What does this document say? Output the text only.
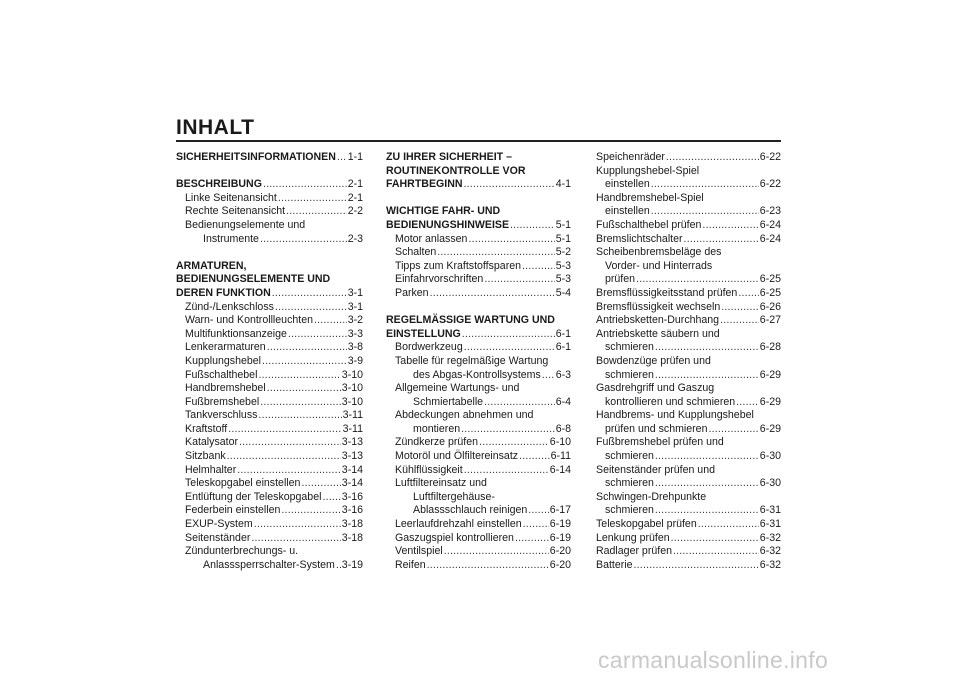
INHALT
SICHERHEITSINFORMATIONEN ..... 1-1
BESCHREIBUNG .....	2-1
Linke Seitenansicht .....	2-1
Rechte Seitenansicht .....	2-2
Bedienungselemente und
Instrumente .....	2-3
ARMATUREN,
BEDIENUNGSELEMENTE UND
DEREN FUNKTION .....	3-1
Zünd-/Lenkschloss .....	3-1
Warn- und Kontrollleuchten .....	3-2
Multifunktionsanzeige .....	3-3
Lenkerarmaturen .....	3-8
Kupplungshebel .....	3-9
Fußschalthebel .....	3-10
Handbremshebel .....	3-10
Fußbremshebel .....	3-10
Tankverschluss .....	3-11
Kraftstoff .....	3-11
Katalysator .....	3-13
Sitzbank .....	3-13
Helmhalter .....	3-14
Teleskopgabel einstellen .....	3-14
Entlüftung der Teleskopgabel ..... 3-16
Federbein einstellen .....	3-16
EXUP-System .....	3-18
Seitenständer .....	3-18
Zündunterbrechungs- u.
Anlasssperrschalter-System ..... 3-19
ZU IHRER SICHERHEIT –
ROUTINEKONTROLLE VOR
FAHRTBEGINN .....	4-1
WICHTIGE FAHR- UND
BEDIENUNGSHINWEISE .....	5-1
Motor anlassen .....	5-1
Schalten .....	5-2
Tipps zum Kraftstoffsparen .....	5-3
Einfahrvorschriften .....	5-3
Parken .....	5-4
REGELMÄSSIGE WARTUNG UND
EINSTELLUNG .....	6-1
Bordwerkzeug .....	6-1
Tabelle für regelmäßige Wartung
des Abgas-Kontrollsystems ..... 6-3
Allgemeine Wartungs- und
Schmiertabelle .....	6-4
Abdeckungen abnehmen und
montieren .....	6-8
Zündkerze prüfen .....	6-10
Motoröl und Ölfiltereinsatz .....	6-11
Kühlflüssigkeit .....	6-14
Luftfiltereinsatz und
Luftfiltergehäuse-
Ablassschlauch reinigen ..... 6-17
Leerlaufdrehzahl einstellen .....	6-19
Gaszugspiel kontrollieren .....	6-19
Ventilspiel .....	6-20
Reifen .....	6-20
Speichenräder .....	6-22
Kupplungshebel-Spiel
einstellen .....	6-22
Handbremshebel-Spiel
einstellen .....	6-23
Fußschalthebel prüfen .....	6-24
Bremslichtschalter .....	6-24
Scheibenbremsbeläge des
Vorder- und Hinterrads
prüfen .....	6-25
Bremsflüssigkeitsstand prüfen ..... 6-25
Bremsflüssigkeit wechseln .....	6-26
Antriebsketten-Durchhang .....	6-27
Antriebskette säubern und
schmieren .....	6-28
Bowdenzüge prüfen und
schmieren .....	6-29
Gasdrehgriff und Gaszug
kontrollieren und schmieren ..... 6-29
Handbrems- und Kupplungshebel
prüfen und schmieren .....	6-29
Fußbremshebel prüfen und
schmieren .....	6-30
Seitenständer prüfen und
schmieren .....	6-30
Schwingen-Drehpunkte
schmieren .....	6-31
Teleskopgabel prüfen .....	6-31
Lenkung prüfen .....	6-32
Radlager prüfen .....	6-32
Batterie .....	6-32
carmanualsonline.info
